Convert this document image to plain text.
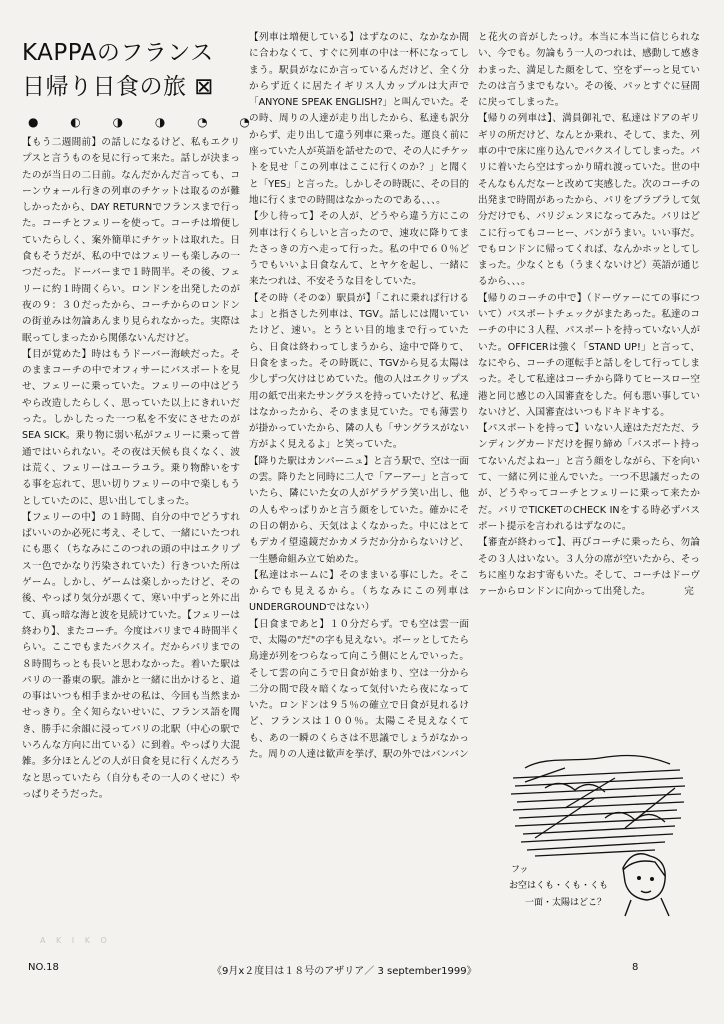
KAPPAのフランス
日帰り日食の旅 ⊠
● ◐ ◑ ◑ ◔ ◔

【もう二週間前】の話しになるけど、私もエクリプスと言うものを見に行って来た。話しが決まったのが当日の二日前。なんだかんだ言っても、コーンウォール行きの列車のチケットは取るのが難しかったから、DAY RETURNでフランスまで行った。コーチとフェリーを使って。コーチは増便していたらしく、案外簡単にチケットは取れた。日食もそうだが、私の中ではフェリーも楽しみの一つだった。ドーバーまで１時間半。その後、フェリーに約１時間くらい。ロンドンを出発したのが夜の９：３０だったから、コーチからのロンドンの街並みは勿論あんまり見られなかった。実際は眠ってしまったから関係ないんだけど。

【目が覚めた】時はもうドーバー海峡だった。そのままコーチの中でオフィサーにパスポートを見せ、フェリーに乗っていた。フェリーの中はどうやら改造したらしく、思っていた以上にきれいだった。しかしたった一つ私を不安にさせたのがSEA SICK。乗り物に弱い私がフェリーに乗って普通ではいられない。その夜は天候も良くなく、波は荒く、フェリーはユーラユラ。乗り物酔いをする事を忘れて、思い切りフェリーの中で楽しもうとしていたのに、思い出してしまった。

【フェリーの中】の１時間、自分の中でどうすればいいのか必死に考え、そして、一緒にいたつれにも悪く（ちなみにこのつれの頭の中はエクリプス一色でかなり汚染されていた）行きついた所はゲーム。しかし、ゲームは楽しかったけど、その後、やっぱり気分が悪くて、寒い中ずっと外に出て、真っ暗な海と波を見続けていた。【フェリーは終わり】、またコーチ。今度はパリまで４時間半くらい。ここでもまたバクスイ。だからパリまでの８時間ちっとも長いと思わなかった。着いた駅はパリの一番東の駅。誰かと一緒に出かけると、道の事はいつも相手まかせの私は、今回も当然まかせっきり。全く知らないせいに、フランス語を聞き、勝手に余韻に浸ってパリの北駅（中心の駅でいろんな方向に出ている）に到着。やっぱり大混雑。多分ほとんどの人が日食を見に行くんだろうなと思っていたら（自分もその一人のくせに）やっぱりそうだった。

【列車は増便している】はずなのに、なかなか間に合わなくて、すぐに列車の中は一杯になってしまう。駅員がなにか言っているんだけど、全く分からず近くに居たイギリス人カップルは大声で「ANYONE SPEAK ENGLISH?」と叫んでいた。その時、周りの人達が走り出したから、私達も訳分からず、走り出して違う列車に乗った。運良く前に座っていた人が英語を話せたので、その人にチケットを見せ「この列車はここに行くのか？」と聞くと「YES」と言った。しかしその時既に、その目的地に行くまでの時間はなかったのである、、、。

【少し待って】その人が、どうやら違う方にこの列車は行くらしいと言ったので、速攻に降りてまたさっきの方へ走って行った。私の中で６０％どうでもいいよ日食なんて、とヤケを起し、一緒に来たつれは、不安そうな目をしていた。

【その時（その②）駅員が】「これに乗れば行けるよ」と指さした列車は、TGV。話しには聞いていたけど、速い。とうとい目的地まで行っていたら、日食は終わってしまうから、途中で降りて、日食をまった。その時既に、TGVから見る太陽は少しずつ欠けはじめていた。他の人はエクリップス用の紙で出来たサングラスを持っていたけど、私達はなかったから、そのまま見ていた。でも薄雲りが掛かっていたから、隣の人も「サングラスがない方がよく見えるよ」と笑っていた。

【降りた駅はカンパーニュ】と言う駅で、空は一面の雲。降りたと同時に二人で「アーアー」と言っていたら、隣にいた女の人がゲラゲラ笑い出し、他の人もやっぱりかと言う顔をしていた。確かにその日の朝から、天気はよくなかった。中にはとてもデカイ望遠鏡だかカメラだか分からないけど、一生懸命組み立て始めた。

【私達はホームに】そのままいる事にした。そこからでも見えるから。（ちなみにこの列車はUNDERGROUNDではない）

【日食まであと】１０分だらず。でも空は雲一面で、太陽の"だ"の字も見えない。ボーッとしてたら鳥達が列をつらなって向こう側にとんでいった。そして雲の向こうで日食が始まり、空は一分から二分の間で段々暗くなって気付いたら夜になっていた。ロンドンは９５％の確立で日食が見れるけど、フランスは１００％。太陽こそ見えなくても、あの一瞬のくらさは不思議でしょうがなかった。周りの人達は歓声を挙げ、駅の外ではバンバン

と花火の音がしたっけ。本当に本当に信じられない、今でも。勿論もう一人のつれは、感動して感きわまった、満足した顔をして、空をずーっと見ていたのは言うまでもない。その後、パッとすぐに昼間に戻ってしまった。

【帰りの列車は】、満員御礼で、私達はドアのギリギリの所だけど、なんとか乗れ、そして、また、列車の中で床に座り込んでバクスイしてしまった。パリに着いたら空はすっかり晴れ渡っていた。世の中そんなもんだなーと改めて実感した。次のコーチの出発まで時間があったから、パリをブラブラして気分だけでも、パリジェンヌになってみた。パリはどこに行ってもコーヒー、パンがうまい。いい事だ。でもロンドンに帰ってくれば、なんかホッとしてしまった。少なくとも（うまくないけど）英語が通じるから、、、。

【帰りのコーチの中で】（ドーヴァーにての事について）パスポートチェックがまたあった。私達のコーチの中に３人程、パスポートを持っていない人がいた。OFFICERは強く「STAND UP!」と言って、なにやら、コーチの運転手と話しをして行ってしまった。そして私達はコーチから降りてヒースロー空港と同じ感じの入国審査をした。何も悪い事していないけど、入国審査はいつもドキドキする。

【パスポートを持って】いない人達はただただ、ランディングカードだけを握り締め「パスポート持ってないんだよねー」と言う顔をしながら、下を向いて、一緒に列に並んでいた。一つ不思議だったのが、どうやってコーチとフェリーに乗って来たかだ。パリでTICKETのCHECK INをする時必ずパスポート提示を言われるはずなのに。

【審査が終わって】、再びコーチに乗ったら、勿論その３人はいない。３人分の席が空いたから、そっちに座りなおす寄もいた。そして、コーチはドーヴァーからロンドンに向かって出発した。　　　　完

フッ
お空はくも・くも・くも
一面・太陽はどこ？
A K I K O
NO.18	《9月x２度目は１８号のアザリア／ 3 september1999》	8
